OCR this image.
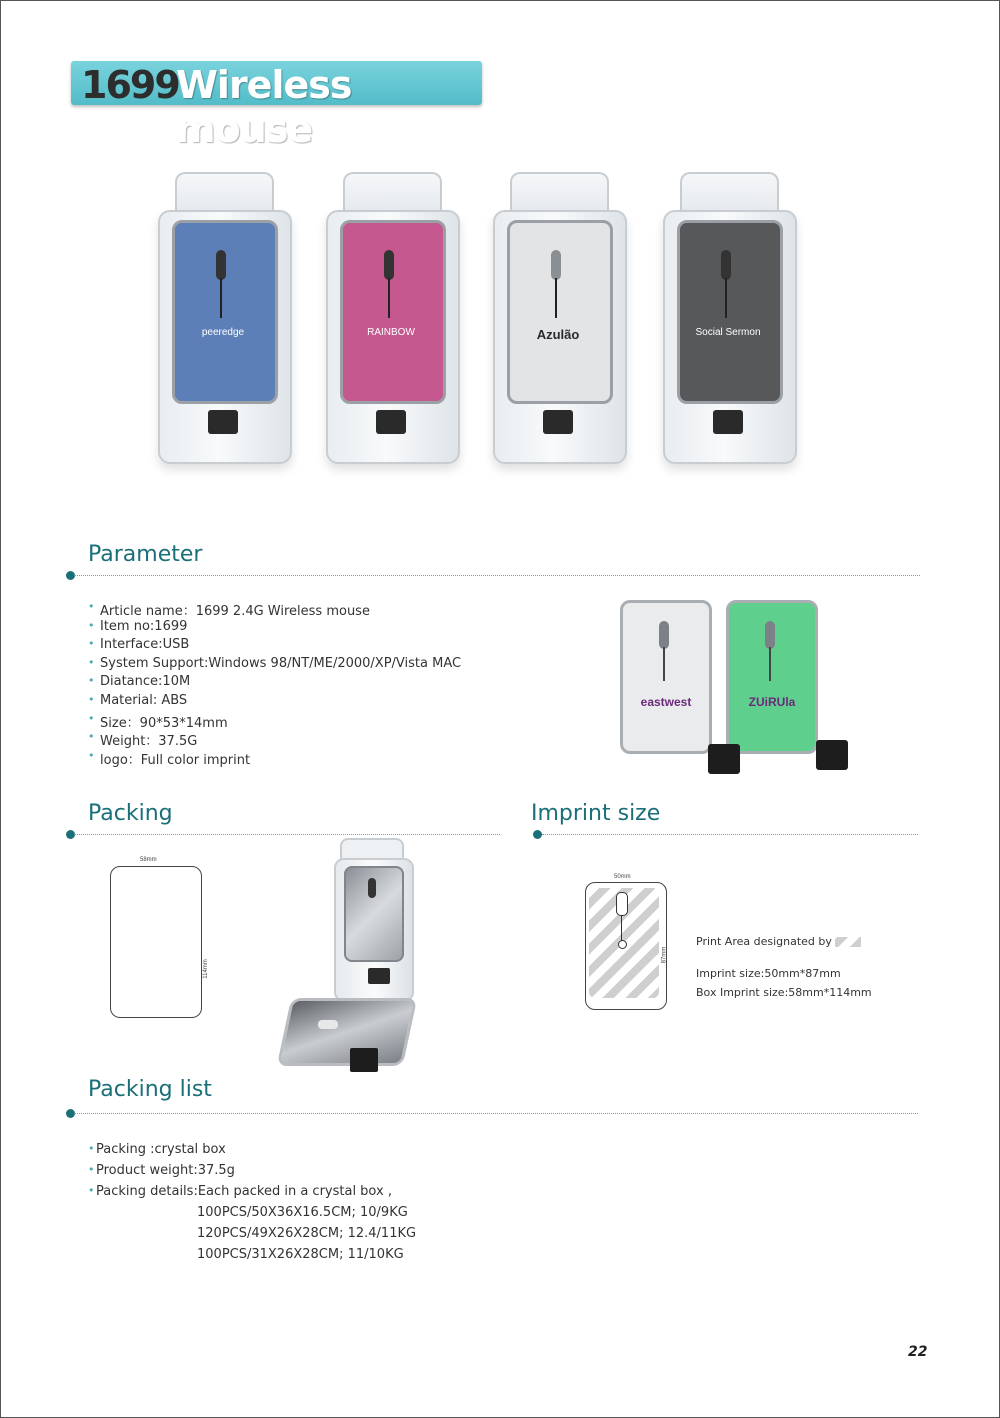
1699
Wireless mouse
peeredge	RAINBOW	Azulão	Social Sermon
Parameter
• Article name：1699 2.4G Wireless mouse
• Item no:1699
• Interface:USB
• System Support:Windows 98/NT/ME/2000/XP/Vista MAC
• Diatance:10M
• Material: ABS
• Size：90*53*14mm
• Weight：37.5G
• logo：Full color imprint
eastwest	ZUiRUla
Packing
58mm
114mm
Imprint size
50mm
87mm
Print Area designated by
Imprint size:50mm*87mm
Box Imprint size:58mm*114mm
Packing list
• Packing :crystal box
• Product weight:37.5g
• Packing details:Each packed in a crystal box ,
100PCS/50X36X16.5CM; 10/9KG
120PCS/49X26X28CM; 12.4/11KG
100PCS/31X26X28CM; 11/10KG
22
